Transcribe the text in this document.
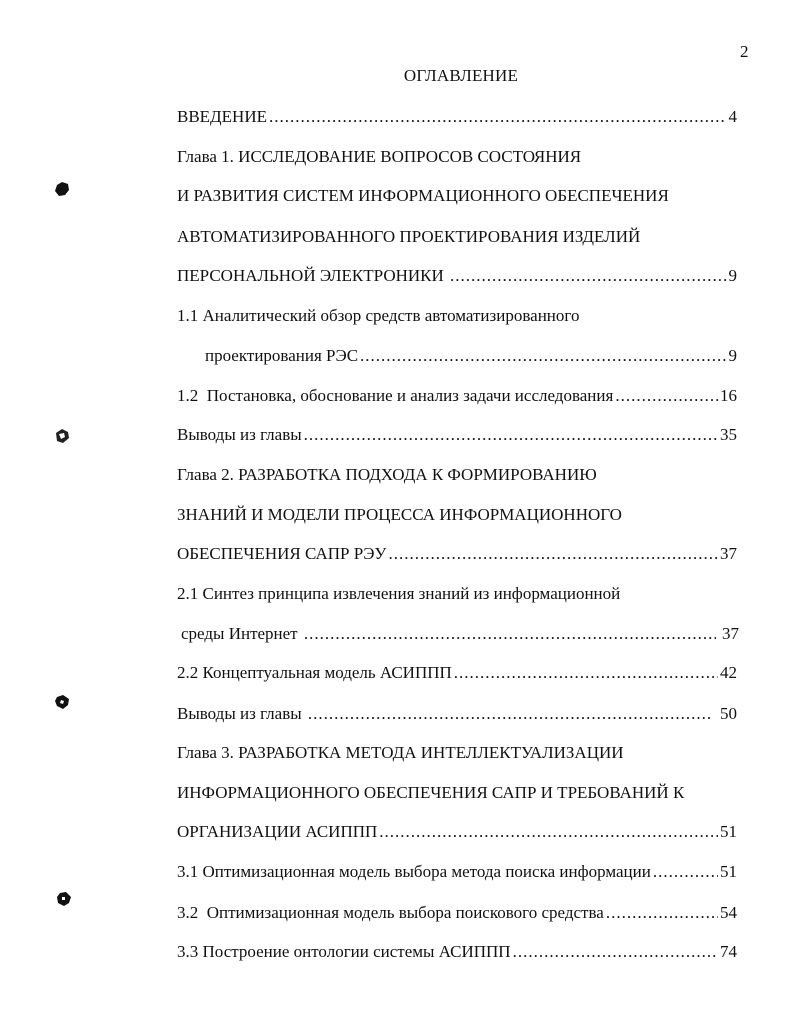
2
ОГЛАВЛЕНИЕ
ВВЕДЕНИЕ .....	4
Глава 1. ИССЛЕДОВАНИЕ ВОПРОСОВ СОСТОЯНИЯ
И РАЗВИТИЯ СИСТЕМ ИНФОРМАЦИОННОГО ОБЕСПЕЧЕНИЯ
АВТОМАТИЗИРОВАННОГО ПРОЕКТИРОВАНИЯ ИЗДЕЛИЙ
ПЕРСОНАЛЬНОЙ ЭЛЕКТРОНИКИ .....	9
1.1 Аналитический обзор средств автоматизированного
проектирования РЭС .....	9
1.2  Постановка, обоснование и анализ задачи исследования .....	16
Выводы из главы .....	35
Глава 2. РАЗРАБОТКА ПОДХОДА К ФОРМИРОВАНИЮ
ЗНАНИЙ И МОДЕЛИ ПРОЦЕССА ИНФОРМАЦИОННОГО
ОБЕСПЕЧЕНИЯ САПР РЭУ .....	37
2.1 Синтез принципа извлечения знаний из информационной
среды Интернет .....	37
2.2 Концептуальная модель АСИППП .....	42
Выводы из главы .....	50
Глава 3. РАЗРАБОТКА МЕТОДА ИНТЕЛЛЕКТУАЛИЗАЦИИ
ИНФОРМАЦИОННОГО ОБЕСПЕЧЕНИЯ САПР И ТРЕБОВАНИЙ К
ОРГАНИЗАЦИИ АСИППП .....	51
3.1 Оптимизационная модель выбора метода поиска информации .....	51
3.2  Оптимизационная модель выбора поискового средства .....	54
3.3 Построение онтологии системы АСИППП .....	74
